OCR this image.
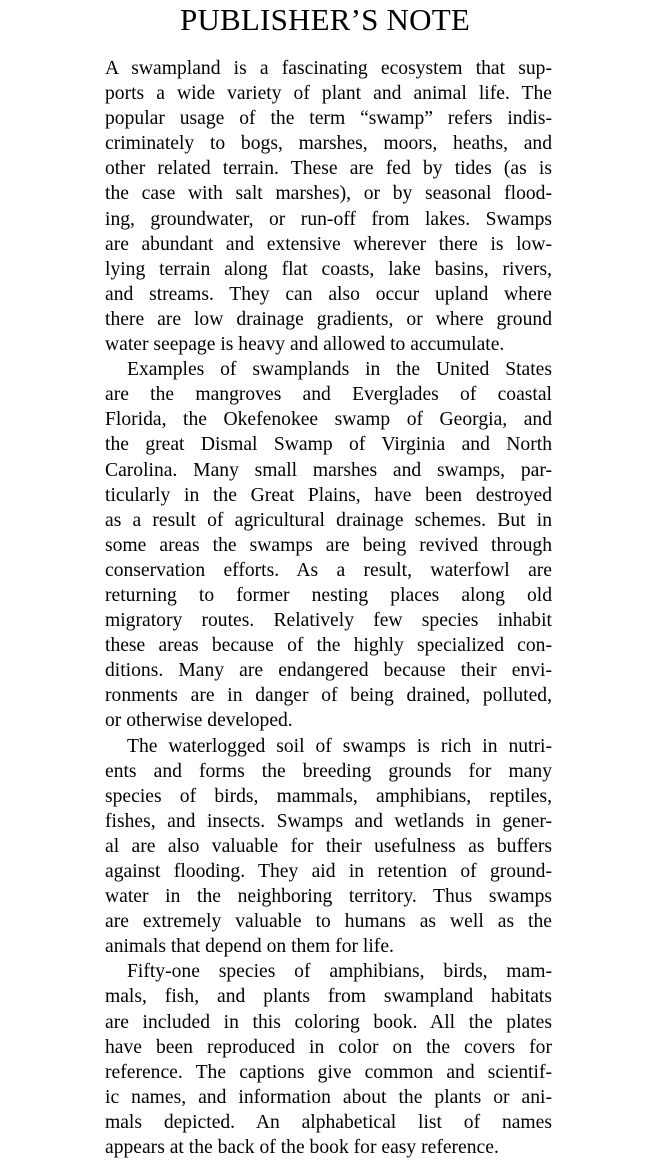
PUBLISHER’S NOTE

A swampland is a fascinating ecosystem that sup-
ports a wide variety of plant and animal life. The
popular usage of the term “swamp” refers indis-
criminately to bogs, marshes, moors, heaths, and
other related terrain. These are fed by tides (as is
the case with salt marshes), or by seasonal flood-
ing, groundwater, or run-off from lakes. Swamps
are abundant and extensive wherever there is low-
lying terrain along flat coasts, lake basins, rivers,
and streams. They can also occur upland where
there are low drainage gradients, or where ground
water seepage is heavy and allowed to accumulate.

Examples of swamplands in the United States
are the mangroves and Everglades of coastal
Florida, the Okefenokee swamp of Georgia, and
the great Dismal Swamp of Virginia and North
Carolina. Many small marshes and swamps, par-
ticularly in the Great Plains, have been destroyed
as a result of agricultural drainage schemes. But in
some areas the swamps are being revived through
conservation efforts. As a result, waterfowl are
returning to former nesting places along old
migratory routes. Relatively few species inhabit
these areas because of the highly specialized con-
ditions. Many are endangered because their envi-
ronments are in danger of being drained, polluted,
or otherwise developed.

The waterlogged soil of swamps is rich in nutri-
ents and forms the breeding grounds for many
species of birds, mammals, amphibians, reptiles,
fishes, and insects. Swamps and wetlands in gener-
al are also valuable for their usefulness as buffers
against flooding. They aid in retention of ground-
water in the neighboring territory. Thus swamps
are extremely valuable to humans as well as the
animals that depend on them for life.

Fifty-one species of amphibians, birds, mam-
mals, fish, and plants from swampland habitats
are included in this coloring book. All the plates
have been reproduced in color on the covers for
reference. The captions give common and scientif-
ic names, and information about the plants or ani-
mals depicted. An alphabetical list of names
appears at the back of the book for easy reference.
